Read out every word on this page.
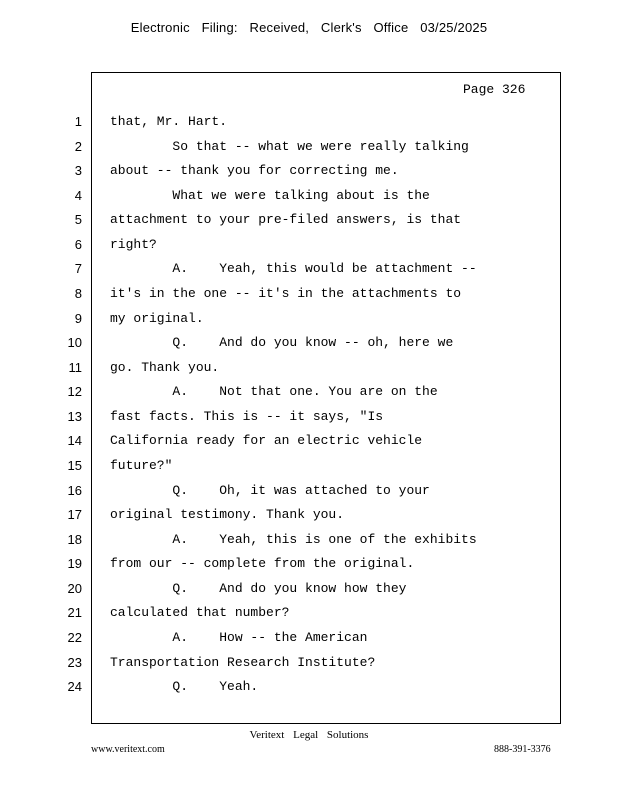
Electronic Filing: Received, Clerk's Office 03/25/2025
Page 326
1 that, Mr. Hart.
2 So that -- what we were really talking
3 about -- thank you for correcting me.
4 What we were talking about is the
5 attachment to your pre-filed answers, is that
6 right?
7 A.    Yeah, this would be attachment --
8 it's in the one -- it's in the attachments to
9 my original.
10 Q.    And do you know -- oh, here we
11 go. Thank you.
12 A.    Not that one. You are on the
13 fast facts. This is -- it says, "Is
14 California ready for an electric vehicle
15 future?"
16 Q.    Oh, it was attached to your
17 original testimony. Thank you.
18 A.    Yeah, this is one of the exhibits
19 from our -- complete from the original.
20 Q.    And do you know how they
21 calculated that number?
22 A.    How -- the American
23 Transportation Research Institute?
24 Q.    Yeah.
Veritext Legal Solutions
www.veritext.com	888-391-3376
